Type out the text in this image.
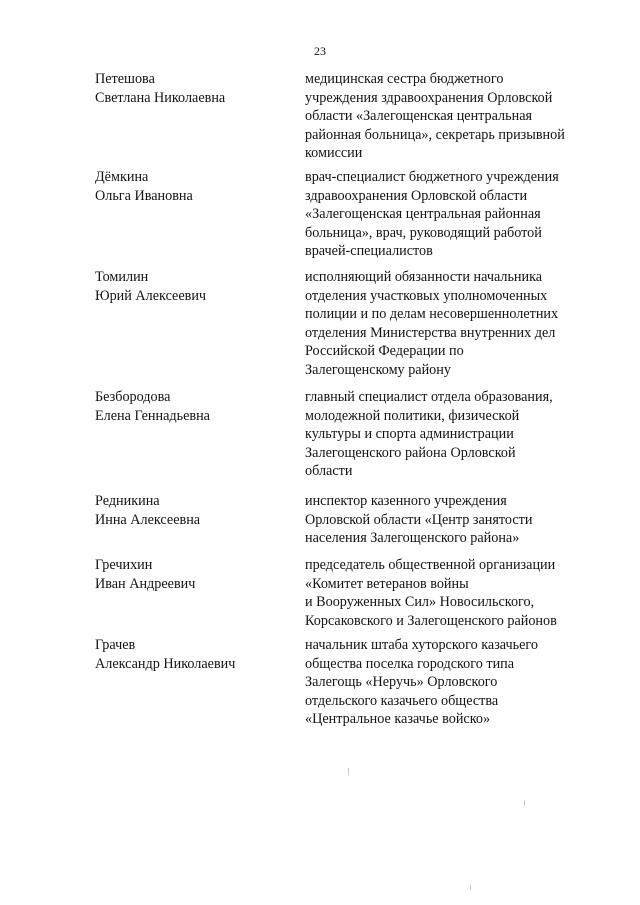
23
Петешова
Светлана Николаевна
медицинская сестра бюджетного
учреждения здравоохранения Орловской
области «Залегощенская центральная
районная больница», секретарь призывной
комиссии
Дёмкина
Ольга Ивановна
врач-специалист бюджетного учреждения
здравоохранения Орловской области
«Залегощенская центральная районная
больница», врач, руководящий работой
врачей-специалистов
Томилин
Юрий Алексеевич
исполняющий обязанности начальника
отделения участковых уполномоченных
полиции и по делам несовершеннолетних
отделения Министерства внутренних дел
Российской Федерации по
Залегощенскому району
Безбородова
Елена Геннадьевна
главный специалист отдела образования,
молодежной политики, физической
культуры и спорта администрации
Залегощенского района Орловской
области
Редникина
Инна Алексеевна
инспектор казенного учреждения
Орловской области «Центр занятости
населения Залегощенского района»
Гречихин
Иван Андреевич
председатель общественной организации
«Комитет ветеранов войны
и Вооруженных Сил» Новосильского,
Корсаковского и Залегощенского районов
Грачев
Александр Николаевич
начальник штаба хуторского казачьего
общества поселка городского типа
Залегощь «Неручь» Орловского
отдельского казачьего общества
«Центральное казачье войско»
